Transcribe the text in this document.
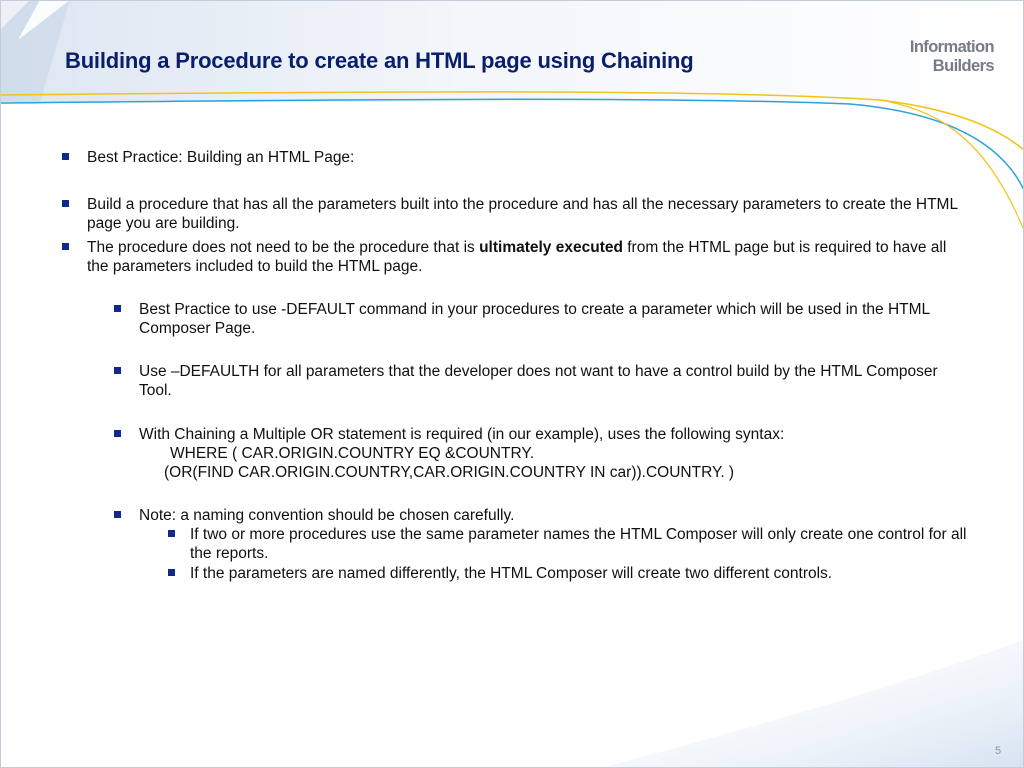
Building a Procedure to create an HTML page using Chaining
Information
Builders
Best Practice: Building an HTML Page:
Build a procedure that has all the parameters built into the procedure and has all the necessary parameters to create the HTML page you are building.
The procedure does not need to be the procedure that is ultimately executed from the HTML page but is required to have all the parameters included to build the HTML page.
Best Practice to use -DEFAULT command in your procedures to create a parameter which will be used in the HTML Composer Page.
Use –DEFAULTH for all parameters that the developer does not want to have a control build by the HTML Composer Tool.
With Chaining a Multiple OR statement is required (in our example), uses the following syntax:
WHERE ( CAR.ORIGIN.COUNTRY EQ &COUNTRY.
(OR(FIND CAR.ORIGIN.COUNTRY,CAR.ORIGIN.COUNTRY IN car)).COUNTRY. )
Note: a naming convention should be chosen carefully.
If two or more procedures use the same parameter names the HTML Composer will only create one control for all the reports.
If the parameters are named differently, the HTML Composer will create two different controls.
5
